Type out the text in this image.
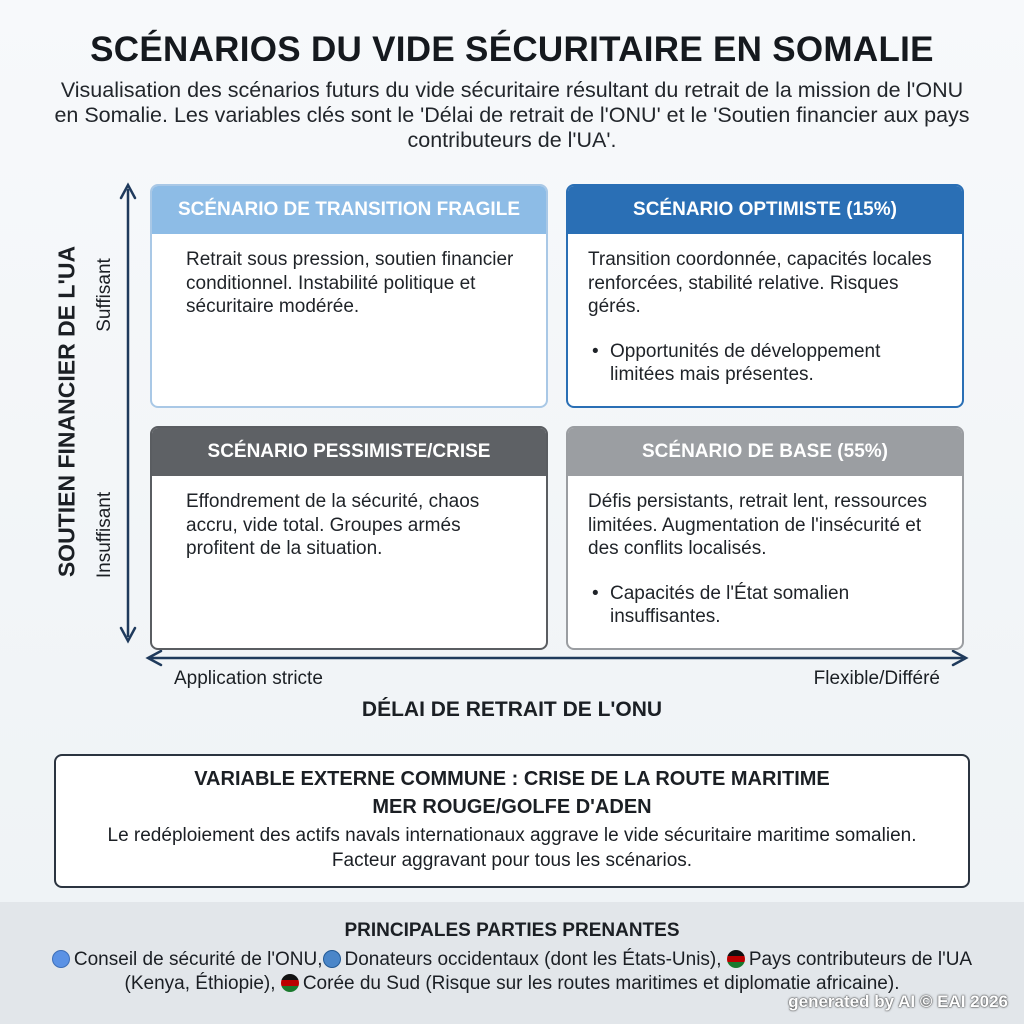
SCÉNARIOS DU VIDE SÉCURITAIRE EN SOMALIE
Visualisation des scénarios futurs du vide sécuritaire résultant du retrait de la mission de l'ONU en Somalie. Les variables clés sont le 'Délai de retrait de l'ONU' et le 'Soutien financier aux pays contributeurs de l'UA'.
SOUTIEN FINANCIER DE L'UA Suffisant
Insuffisant
SCÉNARIO DE TRANSITION FRAGILE
Retrait sous pression, soutien financier conditionnel. Instabilité politique et sécuritaire modérée.
SCÉNARIO OPTIMISTE (15%)
Transition coordonnée, capacités locales renforcées, stabilité relative. Risques gérés.
• Opportunités de développement limitées mais présentes.
SCÉNARIO PESSIMISTE/CRISE
Effondrement de la sécurité, chaos accru, vide total. Groupes armés profitent de la situation.
SCÉNARIO DE BASE (55%)
Défis persistants, retrait lent, ressources limitées. Augmentation de l'insécurité et des conflits localisés.
• Capacités de l'État somalien insuffisantes.
Application stricte	Flexible/Différé
DÉLAI DE RETRAIT DE L'ONU
VARIABLE EXTERNE COMMUNE : CRISE DE LA ROUTE MARITIME
MER ROUGE/GOLFE D'ADEN
Le redéploiement des actifs navals internationaux aggrave le vide sécuritaire maritime somalien. Facteur aggravant pour tous les scénarios.
PRINCIPALES PARTIES PRENANTES
Conseil de sécurité de l'ONU, Donateurs occidentaux (dont les États-Unis), Pays contributeurs de l'UA (Kenya, Éthiopie), Corée du Sud (Risque sur les routes maritimes et diplomatie africaine).
generated by AI © EAI 2026
